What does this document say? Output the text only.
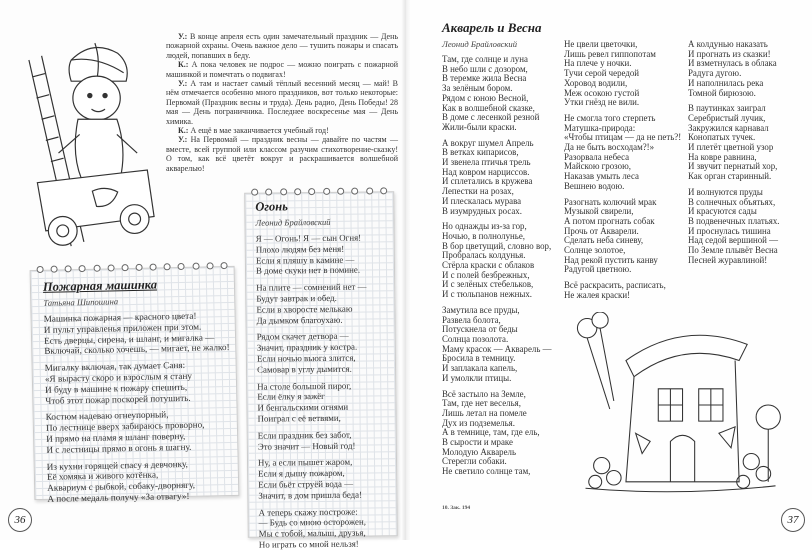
У.: В конце апреля есть один замечательный праздник — День пожарной охраны. Очень важное дело — тушить пожары и спасать людей, попавших в беду.

К.: А пока человек не подрос — можно поиграть с пожарной машинкой и помечтать о подвигах!

У.: А там и настает самый тёплый весенний месяц — май! В нём отмечается особенно много праздников, вот только некоторые: Первомай (Праздник весны и труда). День радио, День Победы! 28 мая — День пограничника. Последнее воскресенье мая — День химика.

К.: А ещё в мае заканчивается учебный год!

У.: На Первомай — праздник весны — давайте по частям — вместе, всей группой или классом разучим стихотворение-сказку! О том, как всё цветёт вокруг и раскрашивается волшебной акварелью!

Пожарная машинка
Татьяна Шипошина
Машинка пожарная — красного цвета!
И пульт управленья приложен при этом.
Есть дверцы, сирена, и шланг, и мигалка —
Включай, сколько хочешь, — мигает, не жалко!
Мигалку включая, так думает Саня:
«Я вырасту скоро и взрослым я стану
И буду в машине к пожару спешить,
Чтоб этот пожар поскорей потушить.
Костюм надеваю огнеупорный,
По лестнице вверх забираюсь проворно,
И прямо на пламя я шланг поверну,
И с лестницы прямо в огонь я шагну.
Из кухни горящей спасу я девчонку,
Её хомяка и живого котёнка,
Аквариум с рыбкой, собаку-дворнягу,
А после медаль получу «За отвагу»!
Огонь
Леонид Брайловский
Я — Огонь! Я — сын Огня!
Плохо людям без меня!
Если я пляшу в камине —
В доме скуки нет в помине.
На плите — сомнений нет —
Будут завтрак и обед.
Если в хворосте мелькаю
Да дымком благоухаю.
Рядом скачет детвора —
Значит, праздник у костра.
Если ночью вьюга злится,
Самовар в углу дымится.
На столе большой пирог,
Если ёлку я зажёг
И бенгальскими огнями
Поиграл с её ветвями,
Если праздник без забот,
Это значит — Новый год!
Ну, а если пышет жаром,
Если я дышу пожаром,
Если бьёт струёй вода —
Значит, в дом пришла беда!
А теперь скажу построже:
— Будь со мною осторожен,
Мы с тобой, малыш, друзья,
Но играть со мной нельзя!
36
Акварель и Весна
Леонид Брайловский
Там, где солнце и луна
В небо шли с дозором,
В теремке жила Весна
За зелёным бором.
Рядом с юною Весной,
Как в волшебной сказке,
В доме с лесенкой резной
Жили-были краски.
А вокруг шумел Апрель
В ветках кипарисов,
И звенела птичья трель
Над ковром нарциссов.
И сплетались в кружева
Лепестки на розах,
И плескалась мурава
В изумрудных росах.
Но однажды из-за гор,
Ночью, в полнолунье,
В бор цветущий, словно вор,
Пробралась колдунья.
Стёрла краски с облаков
И с полей безбрежных,
И с зелёных стебельков,
И с тюльпанов нежных.
Замутила все пруды,
Развела болота,
Потускнела от беды
Солнца позолота.
Маму красок — Акварель —
Бросила в темницу.
И заплакала капель,
И умолкли птицы.
Всё застыло на Земле,
Там, где нет веселья,
Лишь летал на помеле
Дух из подземелья.
А в темнице, там, где ель,
В сырости и мраке
Молодую Акварель
Стерегли собаки.
Не светило солнце там,
Не цвели цветочки,
Лишь ревел гиппопотам
На плече у ночки.
Тучи серой чередой
Хоровод водили,
Меж осокою густой
Утки гнёзд не вили.
Не смогла того стерпеть
Матушка-природа:
«Чтобы птицам — да не петь?!
Да не быть восходам?!»
Разорвала небеса
Майскою грозою,
Наказав умыть леса
Вешнею водою.
Разогнать колючий мрак
Музыкой свирели,
А потом прогнать собак
Прочь от Акварели.
Сделать неба синеву,
Солнце золотое,
Над рекой пустить канву
Радугой цветною.
Всё раскрасить, расписать,
Не жалея краски!
А колдунью наказать
И прогнать из сказки!
И взметнулась в облака
Радуга дугою.
И наполнилась река
Томной бирюзою.
В паутинках заиграл
Серебристый лучик,
Закружился карнавал
Конопатых тучек.
И плетёт цветной узор
На ковре равнина,
И звучит пернатый хор,
Как орган старинный.
И волнуются пруды
В солнечных объятьях,
И красуются сады
В подвенечных платьях.
И проснулась тишина
Над седой вершиной —
По Земле плывёт Весна
Песней журавлиной!
10. Зак. 194
37
